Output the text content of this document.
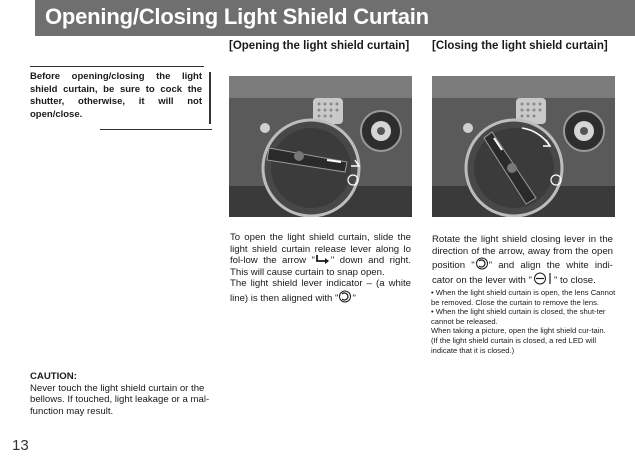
Opening/Closing Light Shield Curtain
Before opening/closing the light shield curtain, be sure to cock the shutter, otherwise, it will not open/close.
[Opening the light shield curtain] [Closing the light shield curtain]

To open the light shield curtain, slide the light shield curtain release lever along lo fol-low the arrow " " down and right. This will cause curtain to snap open.

The light shield lever indicator – (a white line) is then aligned with " "

Rotate the light shield closing lever in the direction of the arrow, away from the open position " " and align the white indi-cator on the lever with " " to close.

• When the light shield curtain is open, the lens Cannot be removed. Close the curtain to remove the lens.

• When the light shield curtain is closed, the shut-ter cannot be released.

When taking a picture, open the light shield cur-tain.

(If the light shield curtain is closed, a red LED will indicate that it is closed.)

CAUTION:
Never touch the light shield curtain or the bellows. If touched, light leakage or a mal-function may result.
13
